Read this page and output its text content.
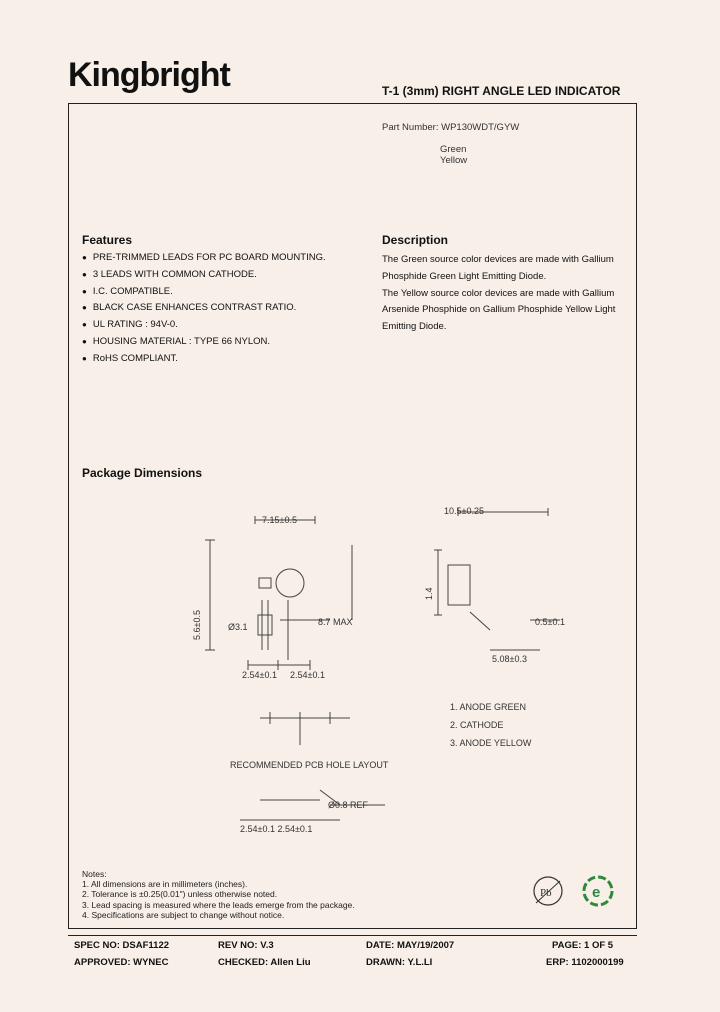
Kingbright	T-1 (3mm) RIGHT ANGLE LED INDICATOR
Part Number: WP130WDT/GYW
Green
Yellow
Features
● PRE-TRIMMED LEADS FOR PC BOARD MOUNTING.
● 3 LEADS WITH COMMON CATHODE.
● I.C. COMPATIBLE.
● BLACK CASE ENHANCES CONTRAST RATIO.
● UL RATING : 94V-0.
● HOUSING MATERIAL : TYPE 66 NYLON.
● RoHS COMPLIANT.
Description
The Green source color devices are made with Gallium
Phosphide Green Light Emitting Diode.
The Yellow source color devices are made with Gallium
Arsenide Phosphide on Gallium Phosphide Yellow Light
Emitting Diode.
Package Dimensions
7.15±0.5
10.5±0.25
5.6±0.5	Ø3.1	8.7 MAX
2.54±0.1 2.54±0.1
1.4
0.5±0.1
5.08±0.3
1. ANODE GREEN
2. CATHODE
3. ANODE YELLOW
RECOMMENDED PCB HOLE LAYOUT
Ø0.8 REF
2.54±0.1 2.54±0.1
Notes:
1. All dimensions are in millimeters (inches).
2. Tolerance is ±0.25(0.01") unless otherwise noted.
3. Lead spacing is measured where the leads emerge from the package.
4. Specifications are subject to change without notice.
Pb	e
SPEC NO: DSAF1122	REV NO: V.3	DATE: MAY/19/2007	PAGE: 1 OF 5
APPROVED: WYNEC	CHECKED: Allen Liu	DRAWN: Y.L.LI	ERP: 1102000199
